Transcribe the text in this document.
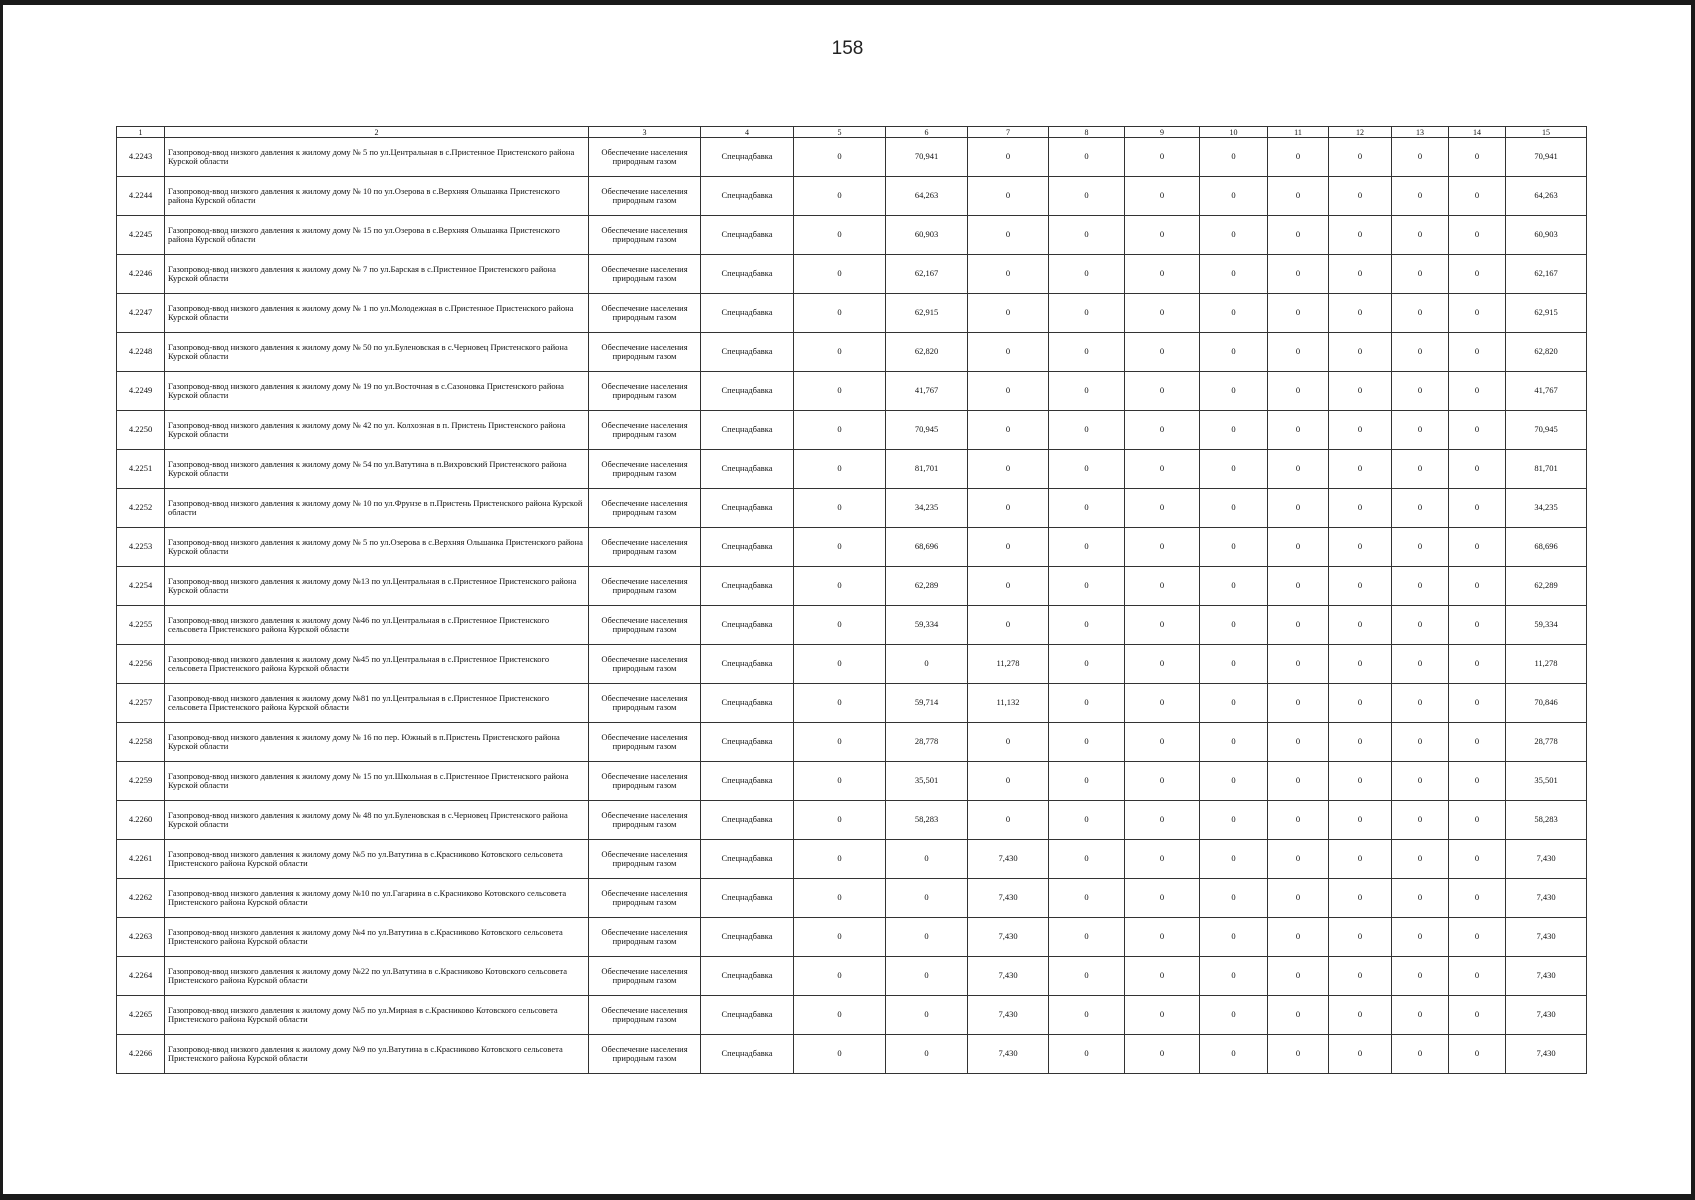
158
1	2	3	4	5	6	7	8	9	10	11	12	13	14	15
4.2243	Газопровод-ввод низкого давления к жилому дому № 5 по ул.Центральная в с.Пристенное Пристенского района Курской области	Обеспечение населения природным газом	Спецнадбавка	0	70,941	0	0	0	0	0	0	0	0	70,941
4.2244	Газопровод-ввод низкого давления к жилому дому № 10 по ул.Озерова в с.Верхняя Ольшанка Пристенского района Курской области	Обеспечение населения природным газом	Спецнадбавка	0	64,263	0	0	0	0	0	0	0	0	64,263
4.2245	Газопровод-ввод низкого давления к жилому дому № 15 по ул.Озерова в с.Верхняя Ольшанка Пристенского района Курской области	Обеспечение населения природным газом	Спецнадбавка	0	60,903	0	0	0	0	0	0	0	0	60,903
4.2246	Газопровод-ввод низкого давления к жилому дому № 7 по ул.Барская в с.Пристенное Пристенского района Курской области	Обеспечение населения природным газом	Спецнадбавка	0	62,167	0	0	0	0	0	0	0	0	62,167
4.2247	Газопровод-ввод низкого давления к жилому дому № 1 по ул.Молодежная в с.Пристенное Пристенского района Курской области	Обеспечение населения природным газом	Спецнадбавка	0	62,915	0	0	0	0	0	0	0	0	62,915
4.2248	Газопровод-ввод низкого давления к жилому дому № 50 по ул.Буленовская в с.Черновец Пристенского района Курской области	Обеспечение населения природным газом	Спецнадбавка	0	62,820	0	0	0	0	0	0	0	0	62,820
4.2249	Газопровод-ввод низкого давления к жилому дому № 19 по ул.Восточная в с.Сазоновка Пристенского района Курской области	Обеспечение населения природным газом	Спецнадбавка	0	41,767	0	0	0	0	0	0	0	0	41,767
4.2250	Газопровод-ввод низкого давления к жилому дому № 42 по ул. Колхозная в п. Пристень Пристенского района Курской области	Обеспечение населения природным газом	Спецнадбавка	0	70,945	0	0	0	0	0	0	0	0	70,945
4.2251	Газопровод-ввод низкого давления к жилому дому № 54 по ул.Ватутина в п.Вихровский Пристенского района Курской области	Обеспечение населения природным газом	Спецнадбавка	0	81,701	0	0	0	0	0	0	0	0	81,701
4.2252	Газопровод-ввод низкого давления к жилому дому № 10 по ул.Фрунзе в п.Пристень Пристенского района Курской области	Обеспечение населения природным газом	Спецнадбавка	0	34,235	0	0	0	0	0	0	0	0	34,235
4.2253	Газопровод-ввод низкого давления к жилому дому № 5 по ул.Озерова в с.Верхняя Ольшанка Пристенского района Курской области	Обеспечение населения природным газом	Спецнадбавка	0	68,696	0	0	0	0	0	0	0	0	68,696
4.2254	Газопровод-ввод низкого давления к жилому дому №13 по ул.Центральная в с.Пристенное Пристенского района Курской области	Обеспечение населения природным газом	Спецнадбавка	0	62,289	0	0	0	0	0	0	0	0	62,289
4.2255	Газопровод-ввод низкого давления к жилому дому №46 по ул.Центральная в с.Пристенное Пристенского сельсовета Пристенского района Курской области	Обеспечение населения природным газом	Спецнадбавка	0	59,334	0	0	0	0	0	0	0	0	59,334
4.2256	Газопровод-ввод низкого давления к жилому дому №45 по ул.Центральная в с.Пристенное Пристенского сельсовета Пристенского района Курской области	Обеспечение населения природным газом	Спецнадбавка	0	0	11,278	0	0	0	0	0	0	0	11,278
4.2257	Газопровод-ввод низкого давления к жилому дому №81 по ул.Центральная в с.Пристенное Пристенского сельсовета Пристенского района Курской области	Обеспечение населения природным газом	Спецнадбавка	0	59,714	11,132	0	0	0	0	0	0	0	70,846
4.2258	Газопровод-ввод низкого давления к жилому дому № 16 по пер. Южный в п.Пристень Пристенского района Курской области	Обеспечение населения природным газом	Спецнадбавка	0	28,778	0	0	0	0	0	0	0	0	28,778
4.2259	Газопровод-ввод низкого давления к жилому дому № 15 по ул.Школьная в с.Пристенное Пристенского района Курской области	Обеспечение населения природным газом	Спецнадбавка	0	35,501	0	0	0	0	0	0	0	0	35,501
4.2260	Газопровод-ввод низкого давления к жилому дому № 48 по ул.Буленовская в с.Черновец Пристенского района Курской области	Обеспечение населения природным газом	Спецнадбавка	0	58,283	0	0	0	0	0	0	0	0	58,283
4.2261	Газопровод-ввод низкого давления к жилому дому №5 по ул.Ватутина в с.Красниково Котовского сельсовета Пристенского района Курской области	Обеспечение населения природным газом	Спецнадбавка	0	0	7,430	0	0	0	0	0	0	0	7,430
4.2262	Газопровод-ввод низкого давления к жилому дому №10 по ул.Гагарина в с.Красниково Котовского сельсовета Пристенского района Курской области	Обеспечение населения природным газом	Спецнадбавка	0	0	7,430	0	0	0	0	0	0	0	7,430
4.2263	Газопровод-ввод низкого давления к жилому дому №4 по ул.Ватутина в с.Красниково Котовского сельсовета Пристенского района Курской области	Обеспечение населения природным газом	Спецнадбавка	0	0	7,430	0	0	0	0	0	0	0	7,430
4.2264	Газопровод-ввод низкого давления к жилому дому №22 по ул.Ватутина в с.Красниково Котовского сельсовета Пристенского района Курской области	Обеспечение населения природным газом	Спецнадбавка	0	0	7,430	0	0	0	0	0	0	0	7,430
4.2265	Газопровод-ввод низкого давления к жилому дому №5 по ул.Мирная в с.Красниково Котовского сельсовета Пристенского района Курской области	Обеспечение населения природным газом	Спецнадбавка	0	0	7,430	0	0	0	0	0	0	0	7,430
4.2266	Газопровод-ввод низкого давления к жилому дому №9 по ул.Ватутина в с.Красниково Котовского сельсовета Пристенского района Курской области	Обеспечение населения природным газом	Спецнадбавка	0	0	7,430	0	0	0	0	0	0	0	7,430
